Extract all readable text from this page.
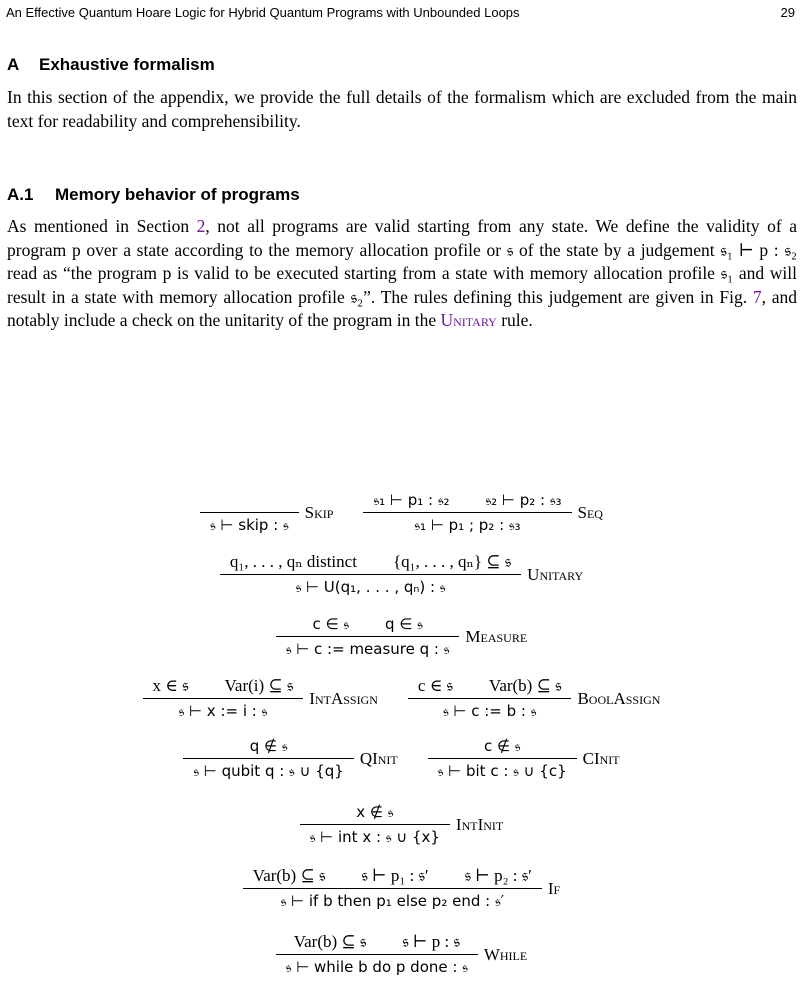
An Effective Quantum Hoare Logic for Hybrid Quantum Programs with Unbounded Loops	29
A Exhaustive formalism
In this section of the appendix, we provide the full details of the formalism which are excluded from the main text for readability and comprehensibility.
A.1 Memory behavior of programs
As mentioned in Section 2, not all programs are valid starting from any state. We define the validity of a program p over a state according to the memory allocation profile or 𝔰 of the state by a judgement 𝔰₁ ⊢ p : 𝔰₂ read as “the program p is valid to be executed starting from a state with memory allocation profile 𝔰₁ and will result in a state with memory allocation profile 𝔰₂”. The rules defining this judgement are given in Fig. 7, and notably include a check on the unitarity of the program in the Unitary rule.
𝔰 ⊢ skip : 𝔰
Skip $\frac{\text{𝔰₁ ⊢ p₁ : 𝔰₂ 𝔰₂ ⊢ p₂ : 𝔰₃}}{\text{𝔰₁ ⊢ p₁ ; p₂ : 𝔰₃}}$ Seq
$\frac{\text{q₁, . . . , qₙ distinct \{q₁, . . . , qₙ\} ⊆ 𝔰}}{\text{𝔰 ⊢ U(q₁, . . . , qₙ) : 𝔰}}$ Unitary
$\frac{\text{c ∈ 𝔰 q ∈ 𝔰}}{\text{𝔰 ⊢ c := measure q : 𝔰}}$ Measure
$\frac{\text{x ∈ 𝔰 Var(i) ⊆ 𝔰}}{\text{𝔰 ⊢ x := i : 𝔰}}$ IntAssign $\frac{\text{c ∈ 𝔰 Var(b) ⊆ 𝔰}}{\text{𝔰 ⊢ c := b : 𝔰}}$ BoolAssign
$\frac{\text{q ∉ 𝔰}}{\text{𝔰 ⊢ qubit q : 𝔰 ∪ \{q\}}}$ QInit $\frac{\text{c ∉ 𝔰}}{\text{𝔰 ⊢ bit c : 𝔰 ∪ \{c\}}}$ CInit
$\frac{\text{x ∉ 𝔰}}{\text{𝔰 ⊢ int x : 𝔰 ∪ \{x\}}}$ IntInit
$\frac{\text{Var(b) ⊆ 𝔰 𝔰 ⊢ p₁ : 𝔰′ 𝔰 ⊢ p₂ : 𝔰′}}{\text{𝔰 ⊢ if b then p₁ else p₂ end : 𝔰′}}$ If
$\frac{\text{Var(b) ⊆ 𝔰 𝔰 ⊢ p : 𝔰}}{\text{𝔰 ⊢ while b do p done : 𝔰}}$ While
